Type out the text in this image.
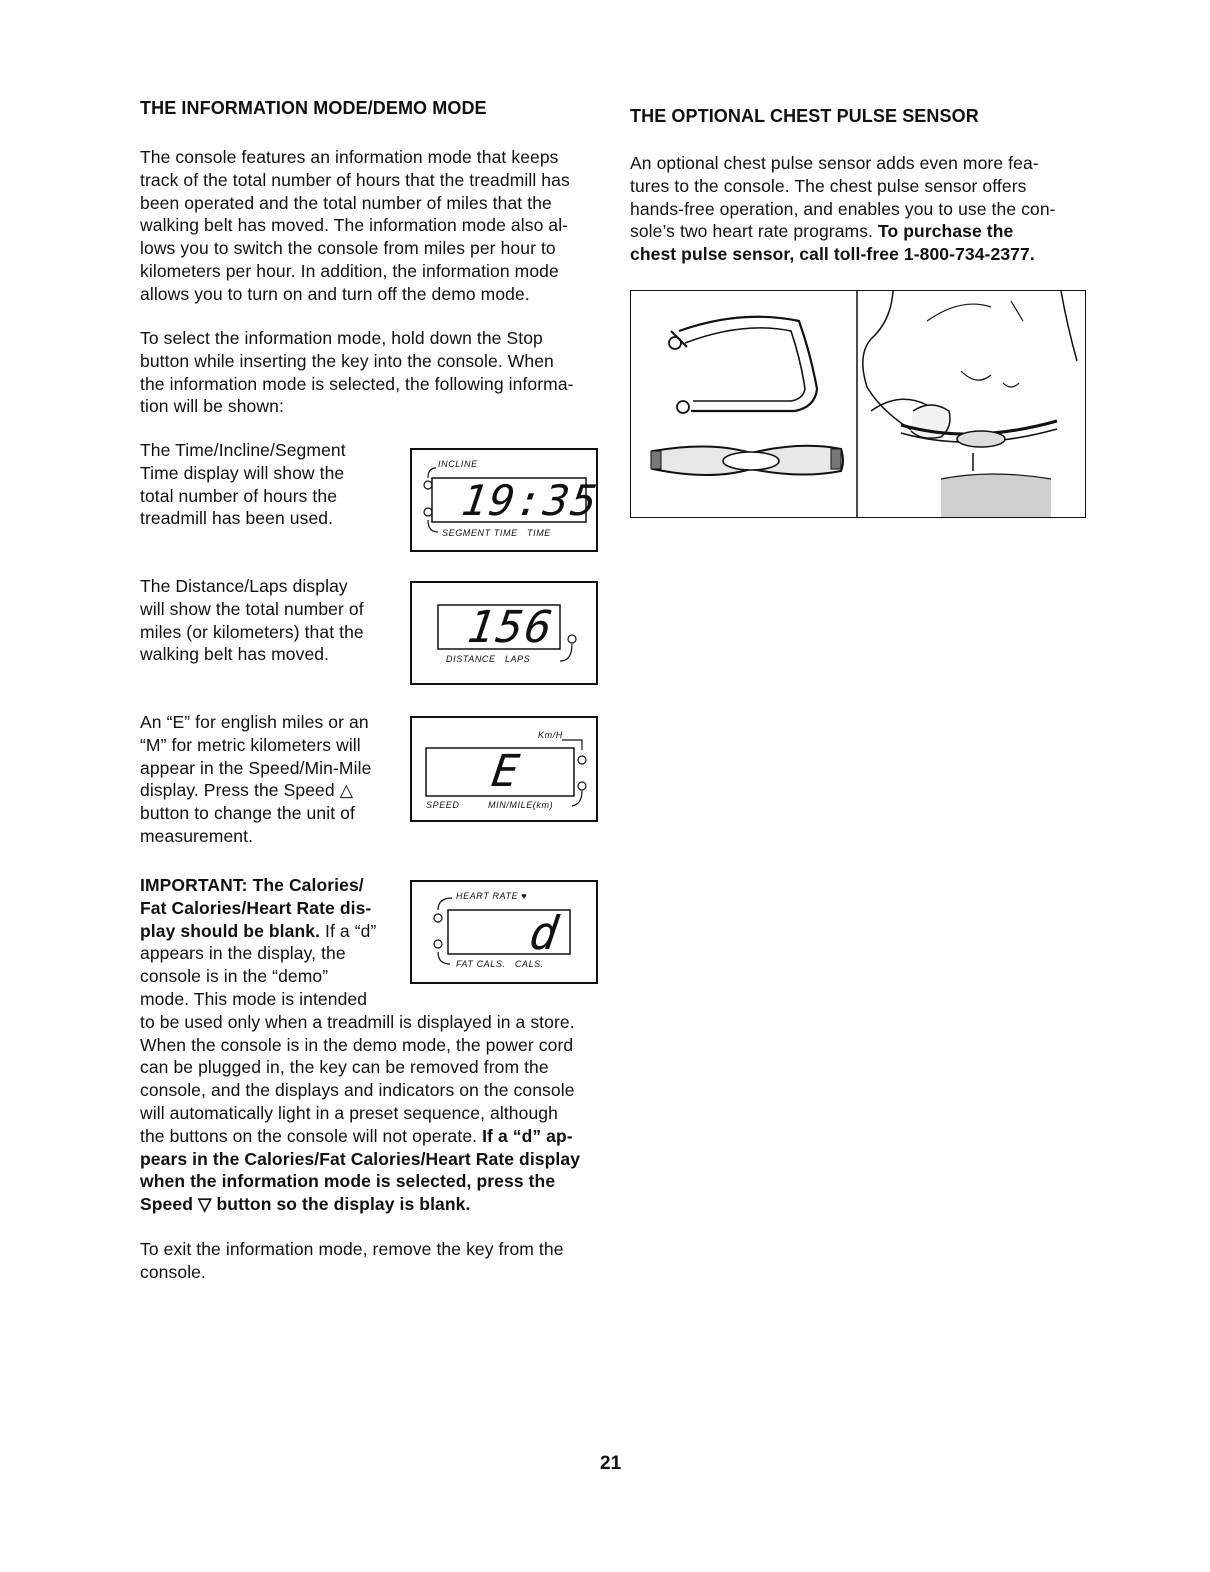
THE INFORMATION MODE/DEMO MODE
The console features an information mode that keeps
track of the total number of hours that the treadmill has
been operated and the total number of miles that the
walking belt has moved. The information mode also al-
lows you to switch the console from miles per hour to
kilometers per hour. In addition, the information mode
allows you to turn on and turn off the demo mode.
To select the information mode, hold down the Stop
button while inserting the key into the console. When
the information mode is selected, the following informa-
tion will be shown:
The Time/Incline/Segment
Time display will show the
total number of hours the
treadmill has been used.
INCLINE
19:35
SEGMENT TIME   TIME
The Distance/Laps display
will show the total number of
miles (or kilometers) that the
walking belt has moved.
156
DISTANCE   LAPS
An “E” for english miles or an
“M” for metric kilometers will
appear in the Speed/Min-Mile
display. Press the Speed △
button to change the unit of
measurement.
Km/H
E
SPEED	MIN/MILE(km)
IMPORTANT: The Calories/
Fat Calories/Heart Rate dis-
play should be blank. If a “d”
appears in the display, the
console is in the “demo”
mode. This mode is intended
to be used only when a treadmill is displayed in a store.
When the console is in the demo mode, the power cord
can be plugged in, the key can be removed from the
console, and the displays and indicators on the console
will automatically light in a preset sequence, although
the buttons on the console will not operate. If a “d” ap-
pears in the Calories/Fat Calories/Heart Rate display
when the information mode is selected, press the
Speed ▽ button so the display is blank.
HEART RATE ♥
d
FAT CALS.   CALS.
To exit the information mode, remove the key from the
console.
THE OPTIONAL CHEST PULSE SENSOR
An optional chest pulse sensor adds even more fea-
tures to the console. The chest pulse sensor offers
hands-free operation, and enables you to use the con-
sole’s two heart rate programs. To purchase the
chest pulse sensor, call toll-free 1-800-734-2377.
21
